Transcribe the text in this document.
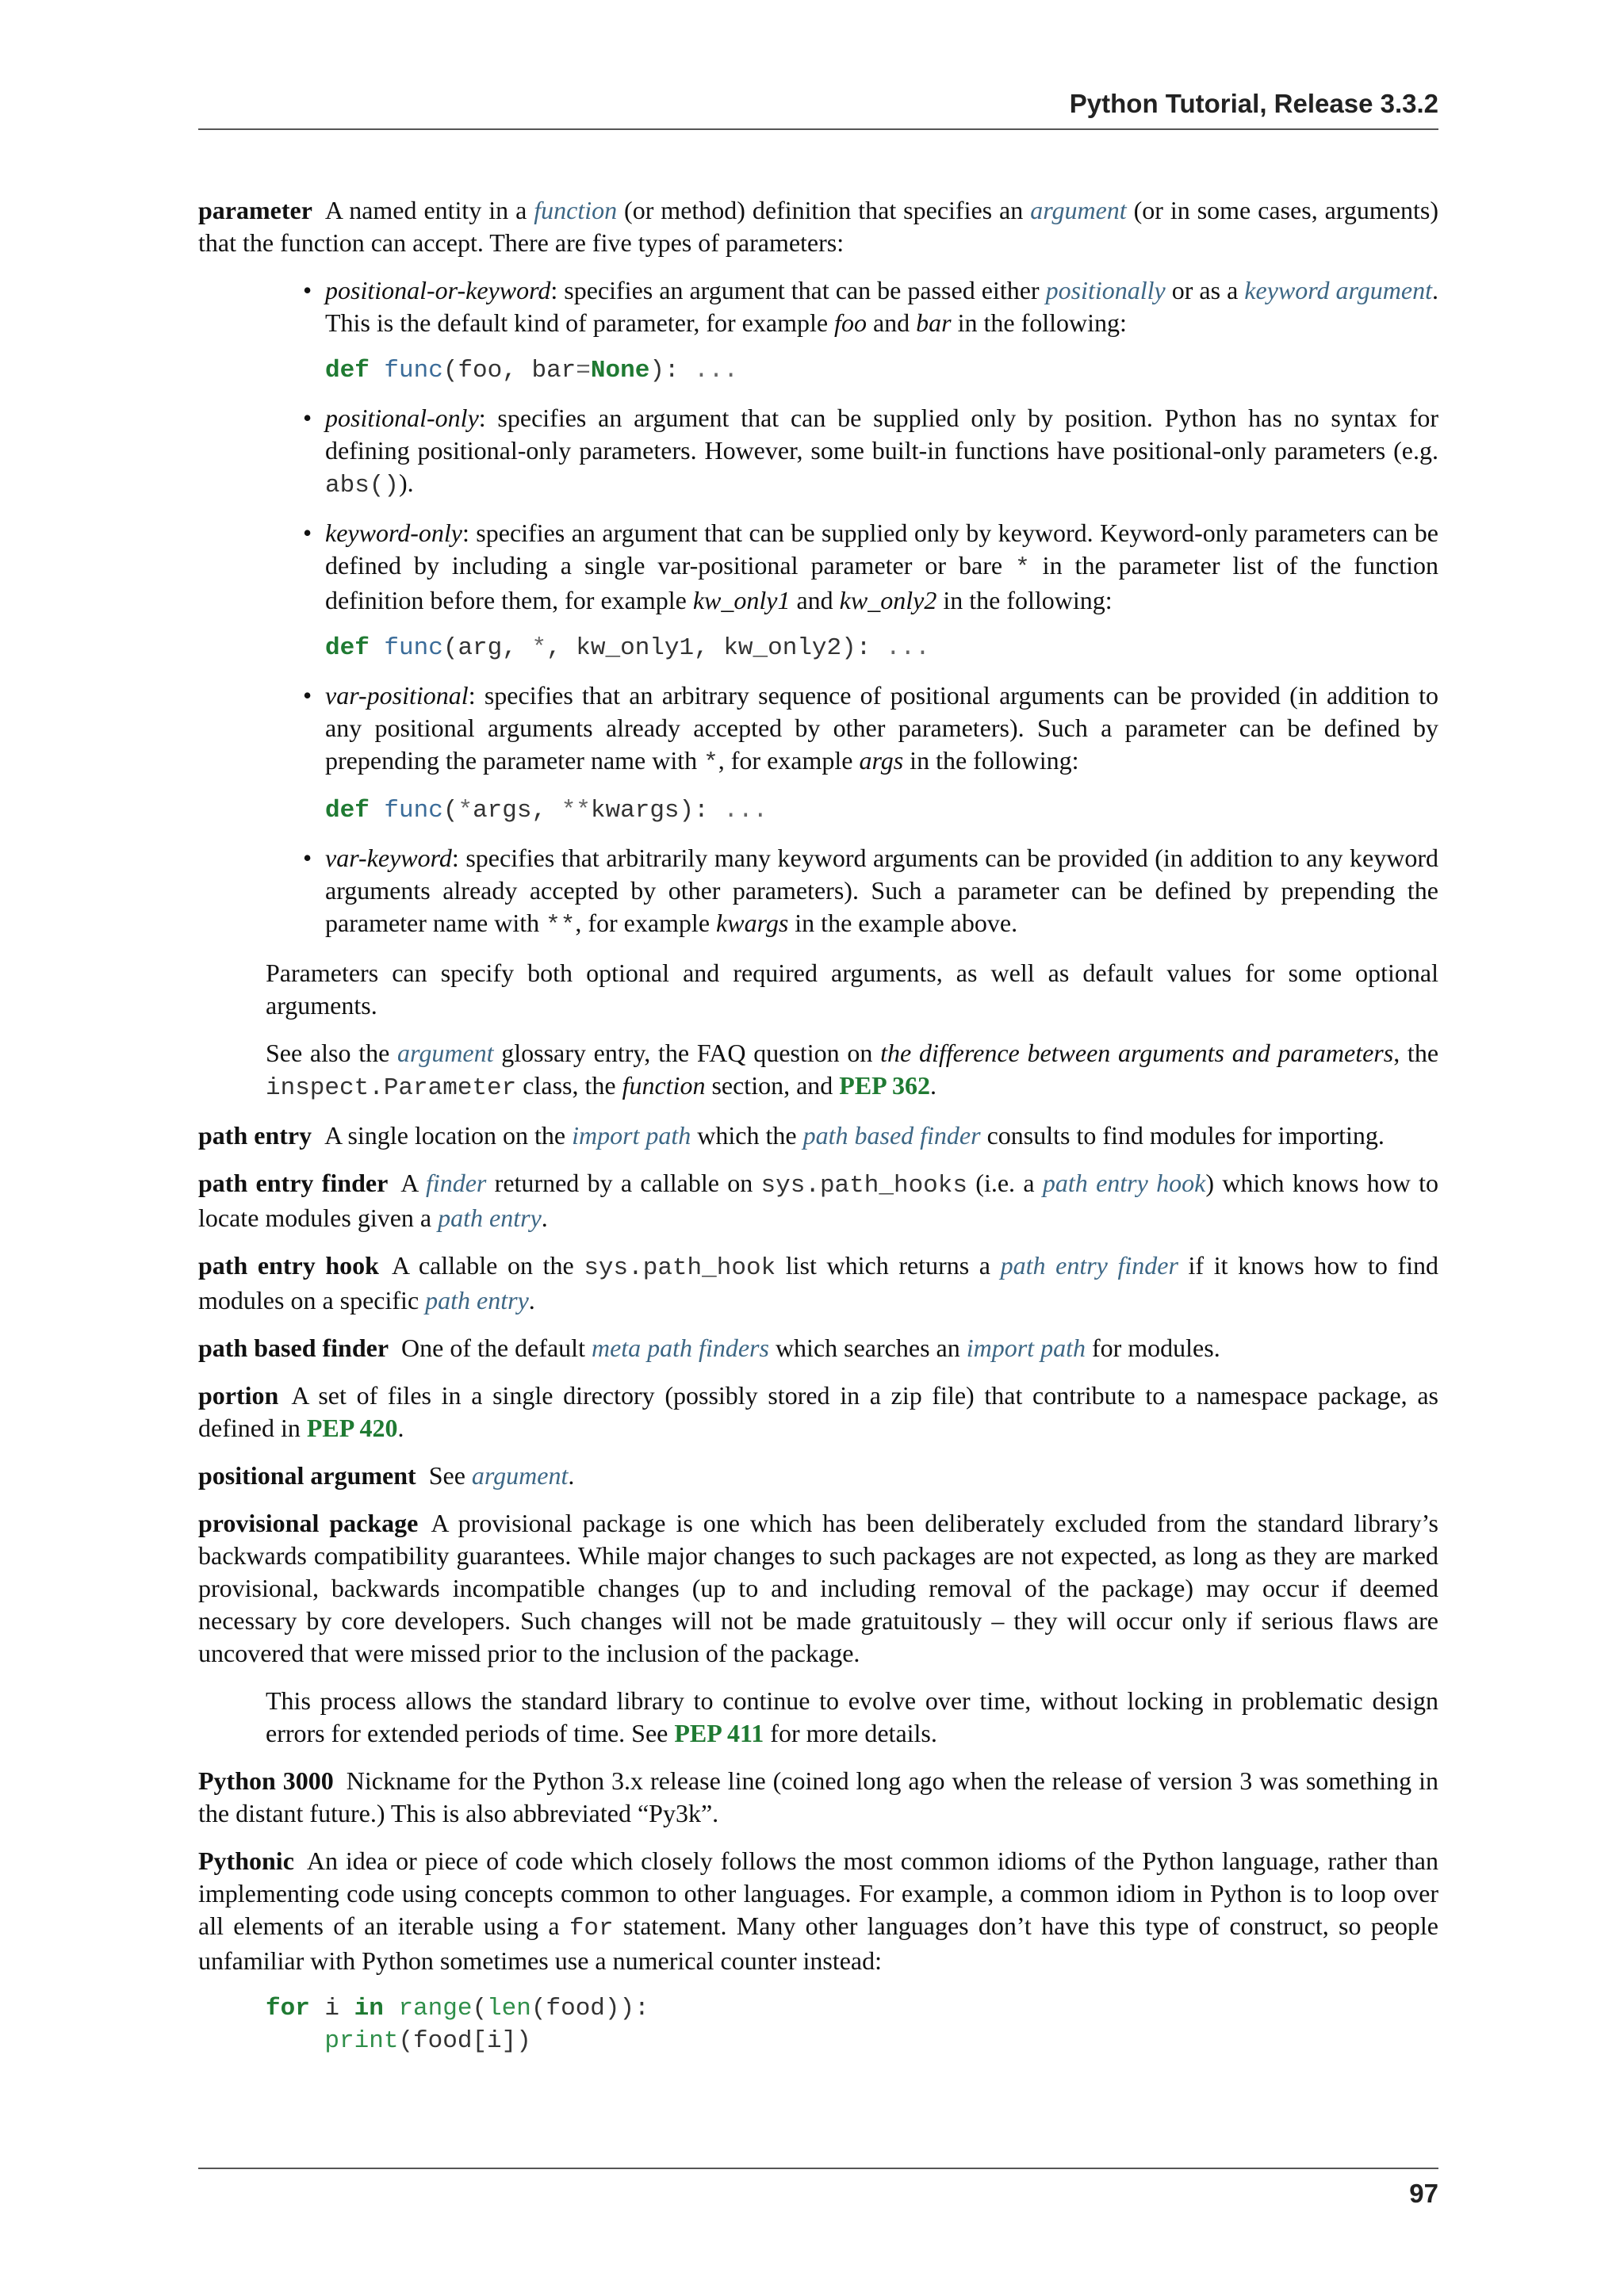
Python Tutorial, Release 3.3.2
parameter A named entity in a function (or method) definition that specifies an argument (or in some cases, arguments) that the function can accept. There are five types of parameters:
• positional-or-keyword: specifies an argument that can be passed either positionally or as a keyword argument. This is the default kind of parameter, for example foo and bar in the following:
def func(foo, bar=None): ...
• positional-only: specifies an argument that can be supplied only by position. Python has no syntax for defining positional-only parameters. However, some built-in functions have positional-only parameters (e.g. abs()).
• keyword-only: specifies an argument that can be supplied only by keyword. Keyword-only parameters can be defined by including a single var-positional parameter or bare * in the parameter list of the function definition before them, for example kw_only1 and kw_only2 in the following:
def func(arg, *, kw_only1, kw_only2): ...
• var-positional: specifies that an arbitrary sequence of positional arguments can be provided (in addition to any positional arguments already accepted by other parameters). Such a parameter can be defined by prepending the parameter name with *, for example args in the following:
def func(*args, **kwargs): ...
• var-keyword: specifies that arbitrarily many keyword arguments can be provided (in addition to any keyword arguments already accepted by other parameters). Such a parameter can be defined by prepending the parameter name with **, for example kwargs in the example above.

Parameters can specify both optional and required arguments, as well as default values for some optional arguments.

See also the argument glossary entry, the FAQ question on the difference between arguments and parameters, the inspect.Parameter class, the function section, and PEP 362.

path entry A single location on the import path which the path based finder consults to find modules for importing.
path entry finder A finder returned by a callable on sys.path_hooks (i.e. a path entry hook) which knows how to locate modules given a path entry.
path entry hook A callable on the sys.path_hook list which returns a path entry finder if it knows how to find modules on a specific path entry.
path based finder One of the default meta path finders which searches an import path for modules.
portion A set of files in a single directory (possibly stored in a zip file) that contribute to a namespace package, as defined in PEP 420.
positional argument See argument.
provisional package A provisional package is one which has been deliberately excluded from the standard library’s backwards compatibility guarantees. While major changes to such packages are not expected, as long as they are marked provisional, backwards incompatible changes (up to and including removal of the package) may occur if deemed necessary by core developers. Such changes will not be made gratuitously – they will occur only if serious flaws are uncovered that were missed prior to the inclusion of the package.

This process allows the standard library to continue to evolve over time, without locking in problematic design errors for extended periods of time. See PEP 411 for more details.

Python 3000 Nickname for the Python 3.x release line (coined long ago when the release of version 3 was something in the distant future.) This is also abbreviated “Py3k”.
Pythonic An idea or piece of code which closely follows the most common idioms of the Python language, rather than implementing code using concepts common to other languages. For example, a common idiom in Python is to loop over all elements of an iterable using a for statement. Many other languages don’t have this type of construct, so people unfamiliar with Python sometimes use a numerical counter instead:
for i in range(len(food)):
print(food[i])
97
